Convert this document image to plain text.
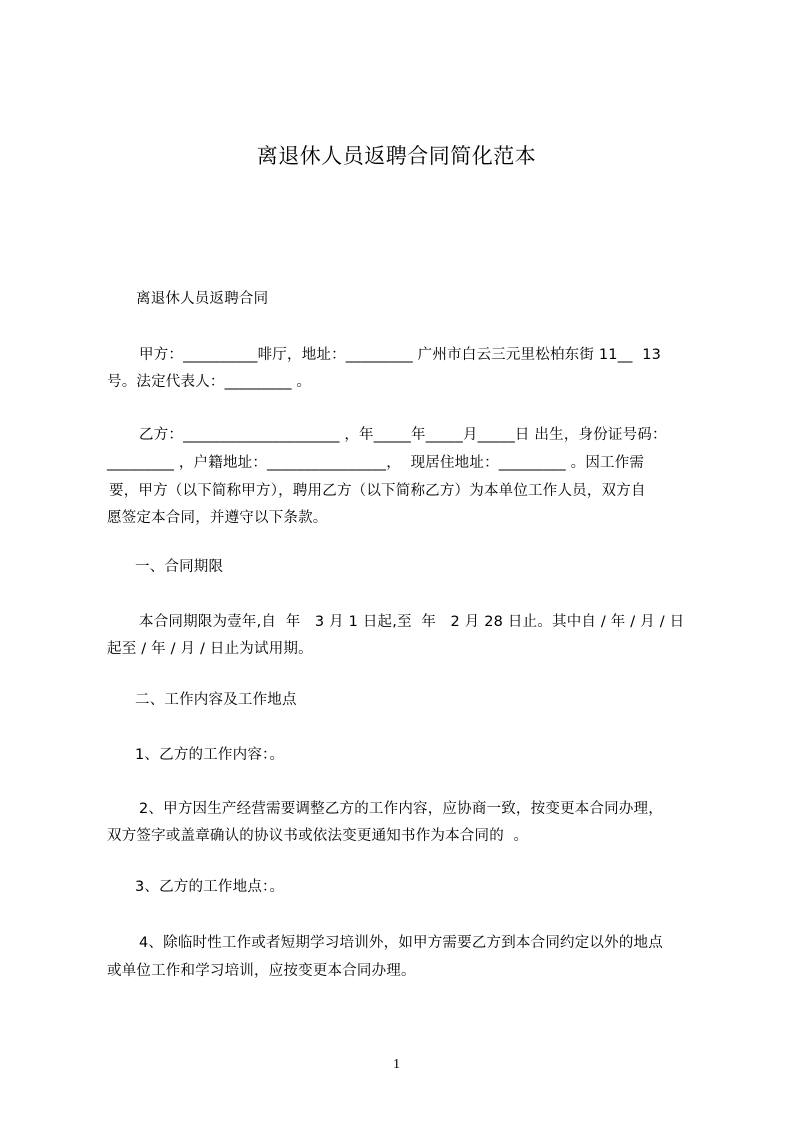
离退休人员返聘合同简化范本
离退休人员返聘合同
甲方：__________啡厅，地址：_________ 广州市白云三元里松柏东街 11__  13
号。法定代表人：_________ 。
乙方：_____________________ ，年_____年_____月_____日 出生，身份证号码：
_________ ，户籍地址：________________，  现居住地址：_________ 。因工作需
要，甲方（以下简称甲方），聘用乙方（以下简称乙方）为本单位工作人员，双方自
愿签定本合同，并遵守以下条款。
一、合同期限
本合同期限为壹年,自  年   3 月 1 日起,至  年   2 月 28 日止。其中自 / 年 / 月 / 日
起至 / 年 / 月 / 日止为试用期。
二、工作内容及工作地点
1、乙方的工作内容：。
2、甲方因生产经营需要调整乙方的工作内容，应协商一致，按变更本合同办理，
双方签字或盖章确认的协议书或依法变更通知书作为本合同的  。
3、乙方的工作地点：。
4、除临时性工作或者短期学习培训外，如甲方需要乙方到本合同约定以外的地点
或单位工作和学习培训，应按变更本合同办理。
1
